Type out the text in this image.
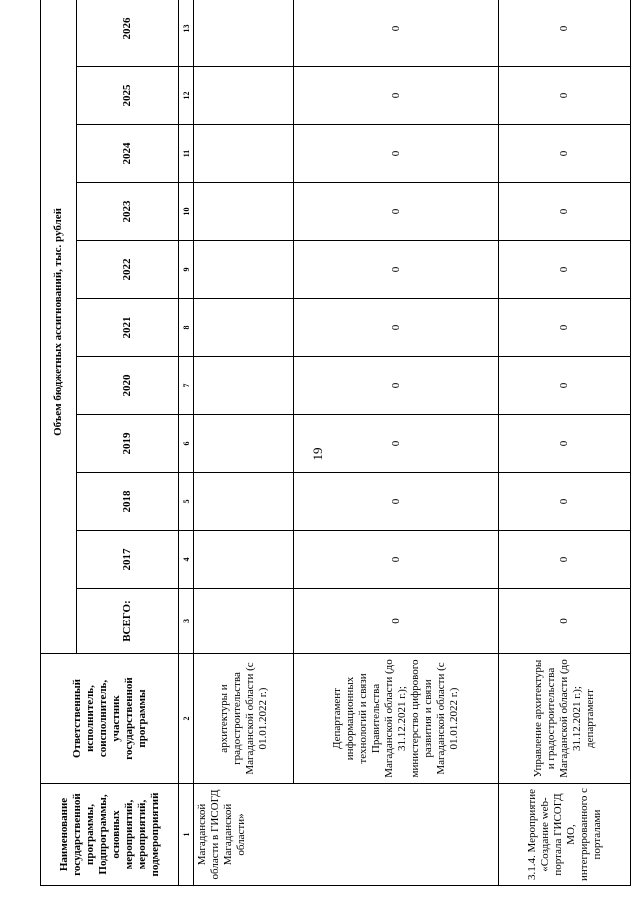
19
Наименование государственной программы, Подпрограммы, основных мероприятий, мероприятий, подмероприятий	Ответственный исполнитель, соисполнитель, участник государственной программы	Объем бюджетных ассигнований, тыс. рублей										
		ВСЕГО:	2017	2018	2019	2020	2021	2022	2023	2024	2025	2026
1	2	3	4	5	6	7	8	9	10	11	12	13
Магаданской области в ГИСОГД Магаданской области»	архитектуры и градостроительства Магаданской области (с 01.01.2022 г.)											
	Департамент информационных технологий и связи Правительства Магаданской области (до 31.12.2021 г.); министерство цифрового развития и связи Магаданской области (с 01.01.2022 г.)	0	0	0	0	0	0	0	0	0	0	0
3.1.4. Мероприятие «Создание web-портала ГИСОГД МО, интегрированного с порталами	Управление архитектуры и градостроительства Магаданской области (до 31.12.2021 г.); департамент	0	0	0	0	0	0	0	0	0	0	0
